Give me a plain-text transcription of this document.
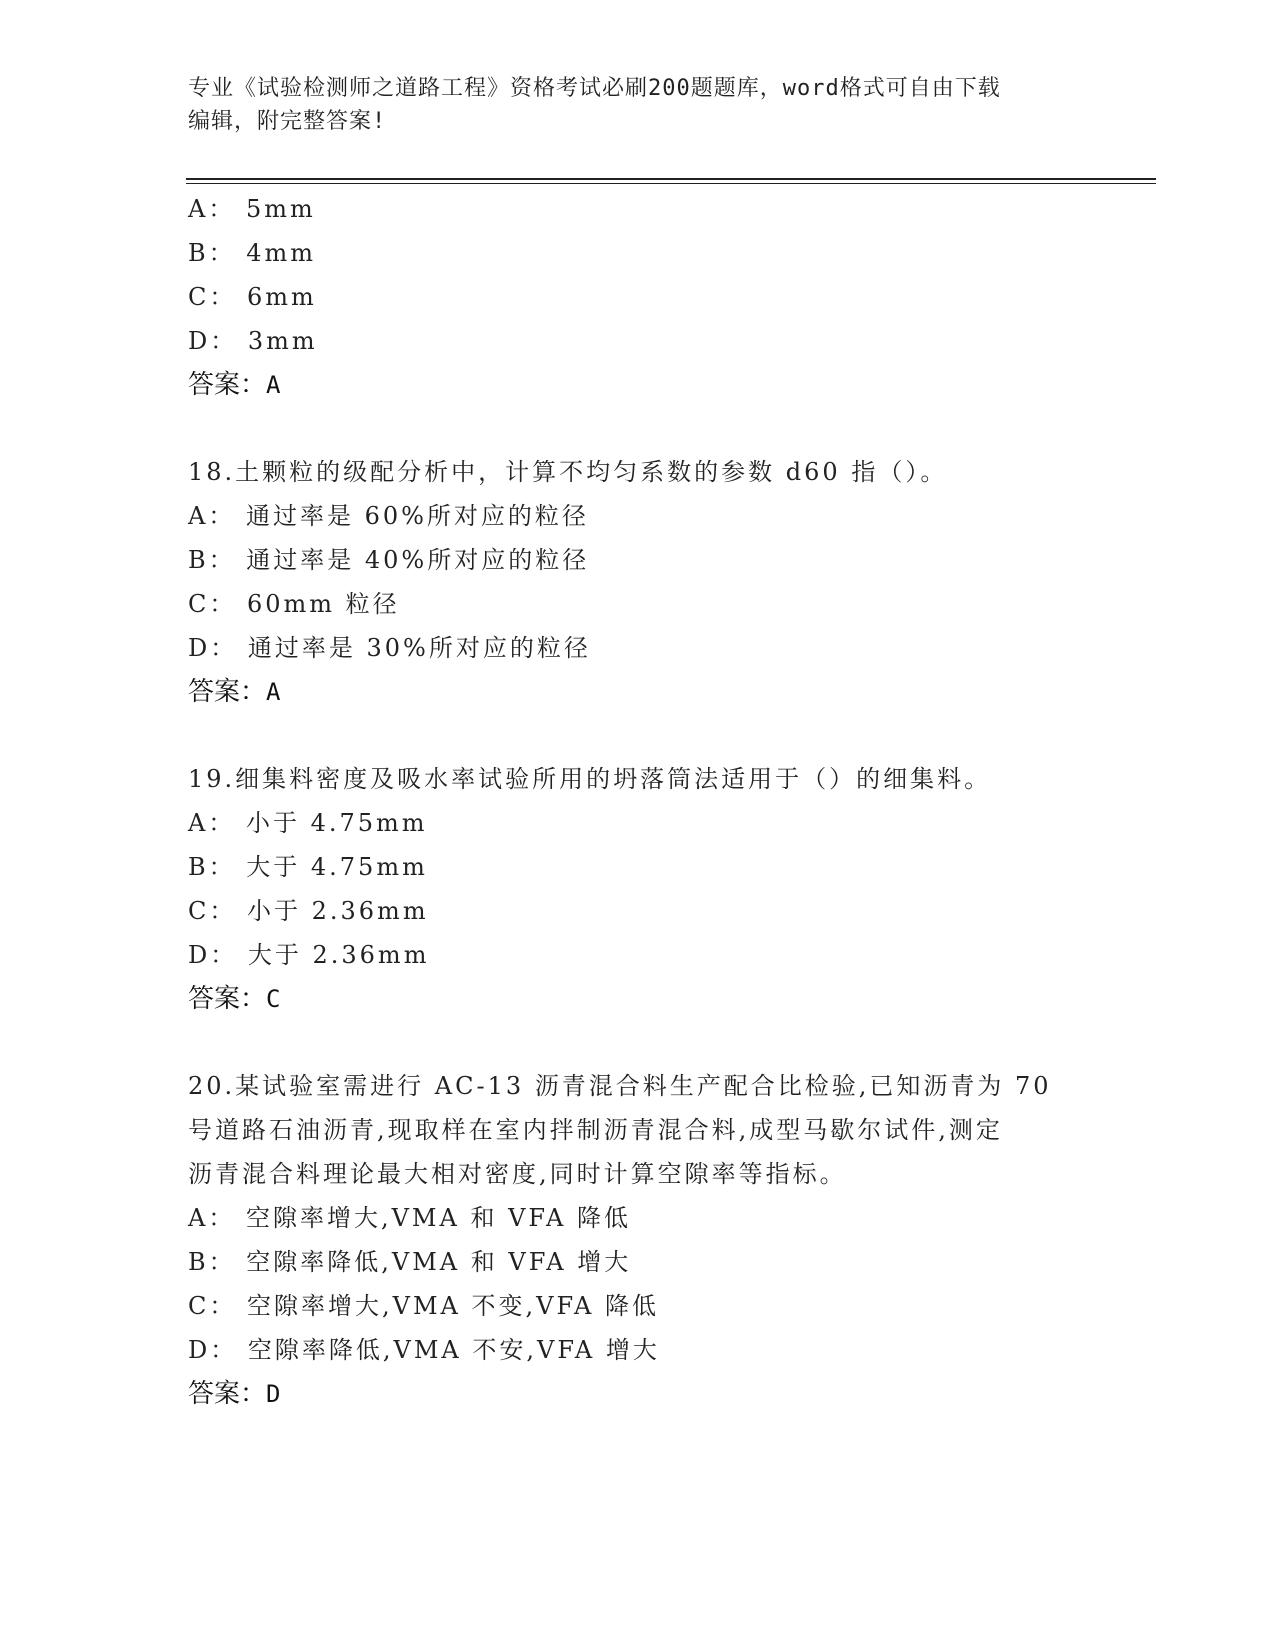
专业《试验检测师之道路工程》资格考试必刷200题题库，word格式可自由下载
编辑，附完整答案!
A： 5mm
B： 4mm
C： 6mm
D： 3mm
答案：A
18.土颗粒的级配分析中，计算不均匀系数的参数 d60 指（）。
A： 通过率是 60%所对应的粒径
B： 通过率是 40%所对应的粒径
C： 60mm 粒径
D： 通过率是 30%所对应的粒径
答案：A
19.细集料密度及吸水率试验所用的坍落筒法适用于（）的细集料。
A： 小于 4.75mm
B： 大于 4.75mm
C： 小于 2.36mm
D： 大于 2.36mm
答案：C
20.某试验室需进行 AC-13 沥青混合料生产配合比检验,已知沥青为 70
号道路石油沥青,现取样在室内拌制沥青混合料,成型马歇尔试件,测定
沥青混合料理论最大相对密度,同时计算空隙率等指标。
A： 空隙率增大,VMA 和 VFA 降低
B： 空隙率降低,VMA 和 VFA 增大
C： 空隙率增大,VMA 不变,VFA 降低
D： 空隙率降低,VMA 不安,VFA 增大
答案：D
